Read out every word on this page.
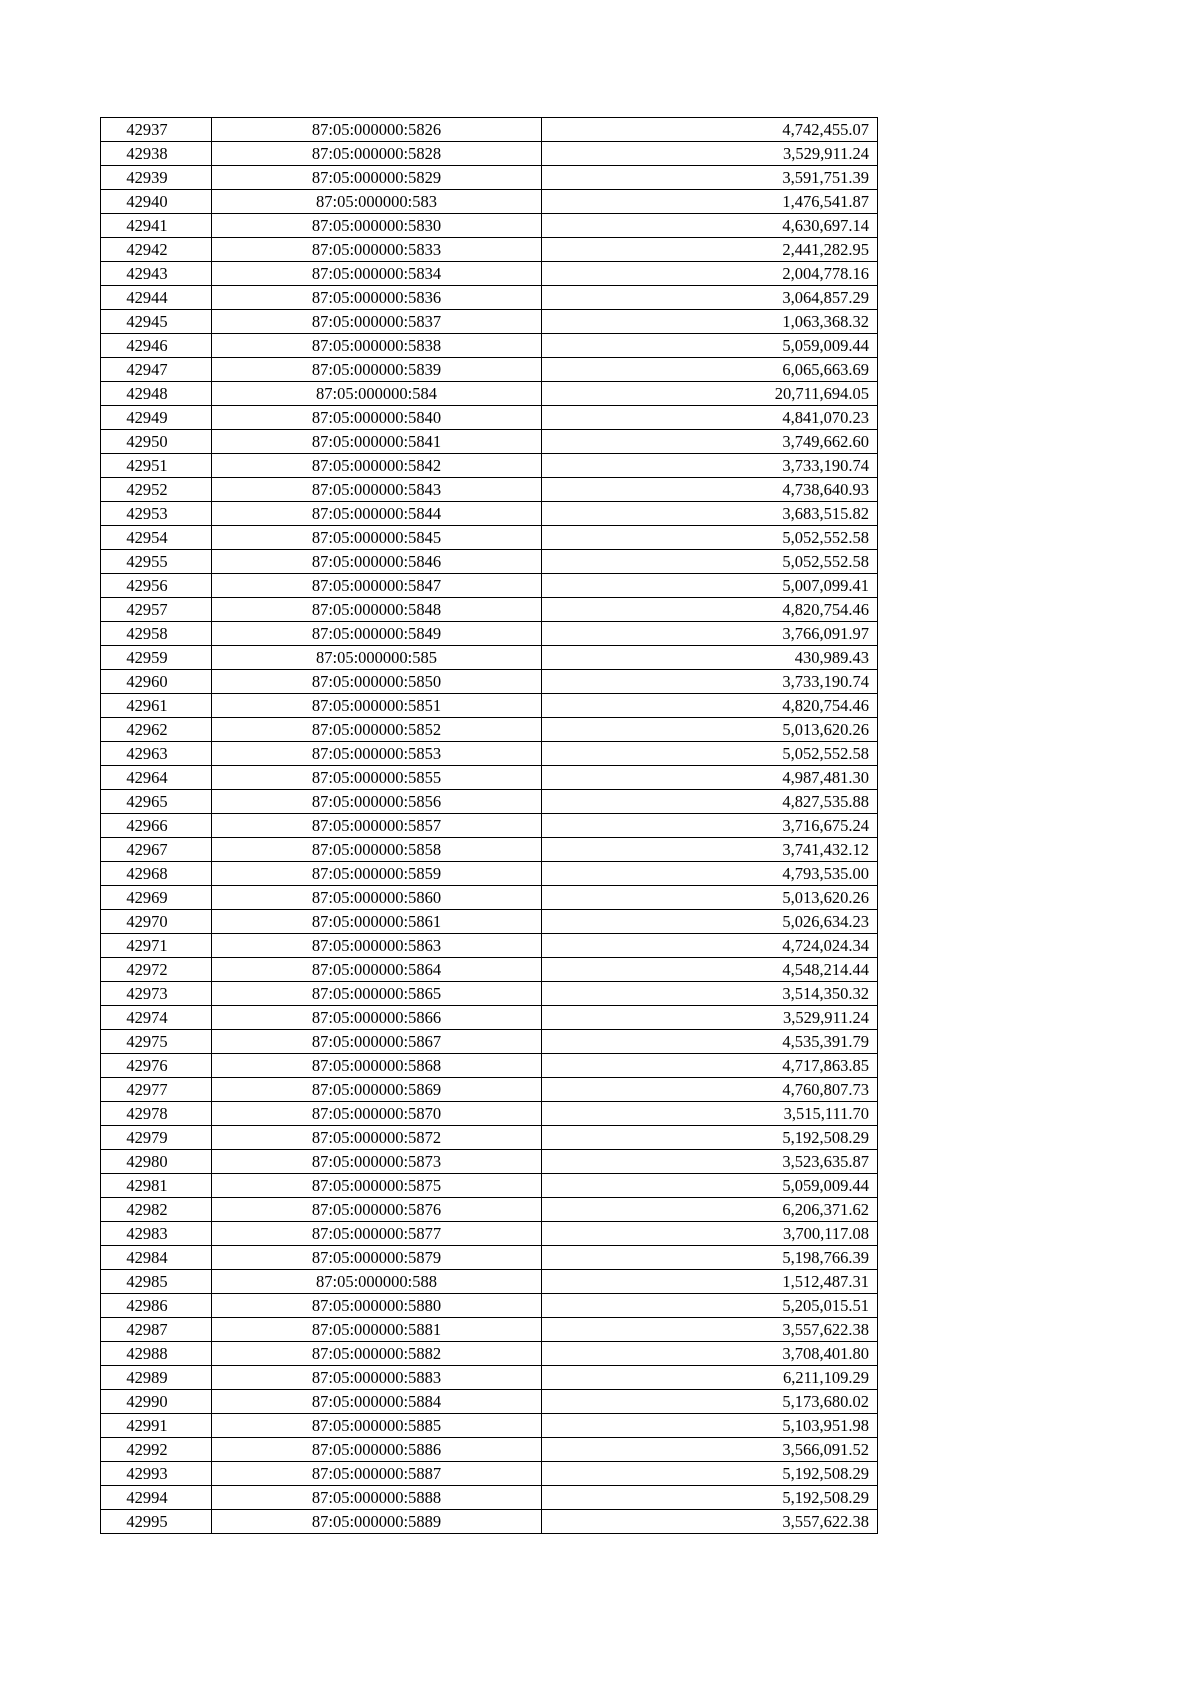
42937	87:05:000000:5826	4,742,455.07
42938	87:05:000000:5828	3,529,911.24
42939	87:05:000000:5829	3,591,751.39
42940	87:05:000000:583	1,476,541.87
42941	87:05:000000:5830	4,630,697.14
42942	87:05:000000:5833	2,441,282.95
42943	87:05:000000:5834	2,004,778.16
42944	87:05:000000:5836	3,064,857.29
42945	87:05:000000:5837	1,063,368.32
42946	87:05:000000:5838	5,059,009.44
42947	87:05:000000:5839	6,065,663.69
42948	87:05:000000:584	20,711,694.05
42949	87:05:000000:5840	4,841,070.23
42950	87:05:000000:5841	3,749,662.60
42951	87:05:000000:5842	3,733,190.74
42952	87:05:000000:5843	4,738,640.93
42953	87:05:000000:5844	3,683,515.82
42954	87:05:000000:5845	5,052,552.58
42955	87:05:000000:5846	5,052,552.58
42956	87:05:000000:5847	5,007,099.41
42957	87:05:000000:5848	4,820,754.46
42958	87:05:000000:5849	3,766,091.97
42959	87:05:000000:585	430,989.43
42960	87:05:000000:5850	3,733,190.74
42961	87:05:000000:5851	4,820,754.46
42962	87:05:000000:5852	5,013,620.26
42963	87:05:000000:5853	5,052,552.58
42964	87:05:000000:5855	4,987,481.30
42965	87:05:000000:5856	4,827,535.88
42966	87:05:000000:5857	3,716,675.24
42967	87:05:000000:5858	3,741,432.12
42968	87:05:000000:5859	4,793,535.00
42969	87:05:000000:5860	5,013,620.26
42970	87:05:000000:5861	5,026,634.23
42971	87:05:000000:5863	4,724,024.34
42972	87:05:000000:5864	4,548,214.44
42973	87:05:000000:5865	3,514,350.32
42974	87:05:000000:5866	3,529,911.24
42975	87:05:000000:5867	4,535,391.79
42976	87:05:000000:5868	4,717,863.85
42977	87:05:000000:5869	4,760,807.73
42978	87:05:000000:5870	3,515,111.70
42979	87:05:000000:5872	5,192,508.29
42980	87:05:000000:5873	3,523,635.87
42981	87:05:000000:5875	5,059,009.44
42982	87:05:000000:5876	6,206,371.62
42983	87:05:000000:5877	3,700,117.08
42984	87:05:000000:5879	5,198,766.39
42985	87:05:000000:588	1,512,487.31
42986	87:05:000000:5880	5,205,015.51
42987	87:05:000000:5881	3,557,622.38
42988	87:05:000000:5882	3,708,401.80
42989	87:05:000000:5883	6,211,109.29
42990	87:05:000000:5884	5,173,680.02
42991	87:05:000000:5885	5,103,951.98
42992	87:05:000000:5886	3,566,091.52
42993	87:05:000000:5887	5,192,508.29
42994	87:05:000000:5888	5,192,508.29
42995	87:05:000000:5889	3,557,622.38
